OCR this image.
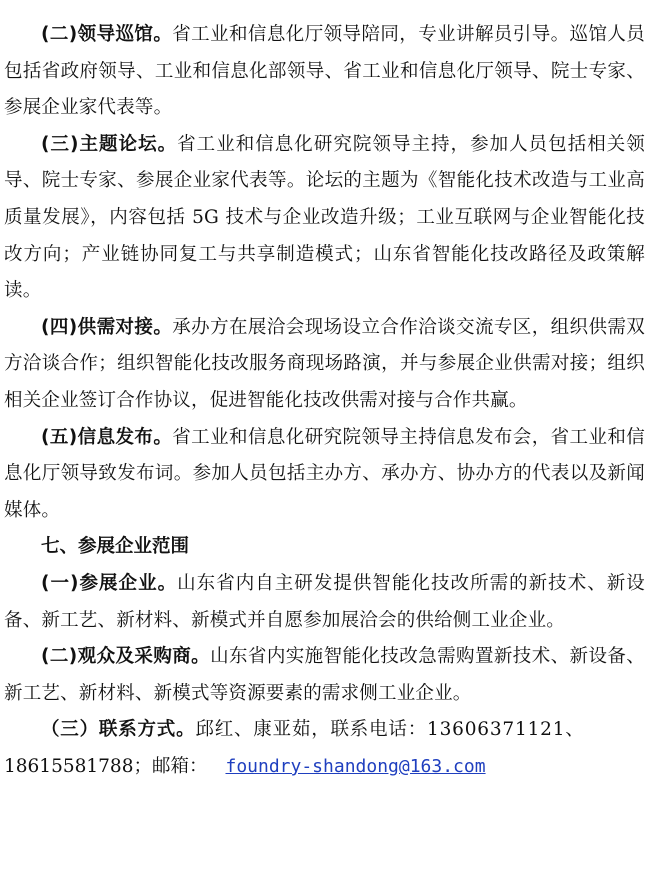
(二)领导巡馆。省工业和信息化厅领导陪同，专业讲解员引导。巡馆人员包括省政府领导、工业和信息化部领导、省工业和信息化厅领导、院士专家、参展企业家代表等。

(三)主题论坛。省工业和信息化研究院领导主持，参加人员包括相关领导、院士专家、参展企业家代表等。论坛的主题为《智能化技术改造与工业高质量发展》，内容包括 5G 技术与企业改造升级；工业互联网与企业智能化技改方向；产业链协同复工与共享制造模式；山东省智能化技改路径及政策解读。

(四)供需对接。承办方在展洽会现场设立合作洽谈交流专区，组织供需双方洽谈合作；组织智能化技改服务商现场路演，并与参展企业供需对接；组织相关企业签订合作协议，促进智能化技改供需对接与合作共赢。

(五)信息发布。省工业和信息化研究院领导主持信息发布会，省工业和信息化厅领导致发布词。参加人员包括主办方、承办方、协办方的代表以及新闻媒体。

七、参展企业范围

(一)参展企业。山东省内自主研发提供智能化技改所需的新技术、新设备、新工艺、新材料、新模式并自愿参加展洽会的供给侧工业企业。

(二)观众及采购商。山东省内实施智能化技改急需购置新技术、新设备、新工艺、新材料、新模式等资源要素的需求侧工业企业。

（三）联系方式。邱红、康亚茹，联系电话：13606371121、

18615581788；邮箱： foundry-shandong@163.com
